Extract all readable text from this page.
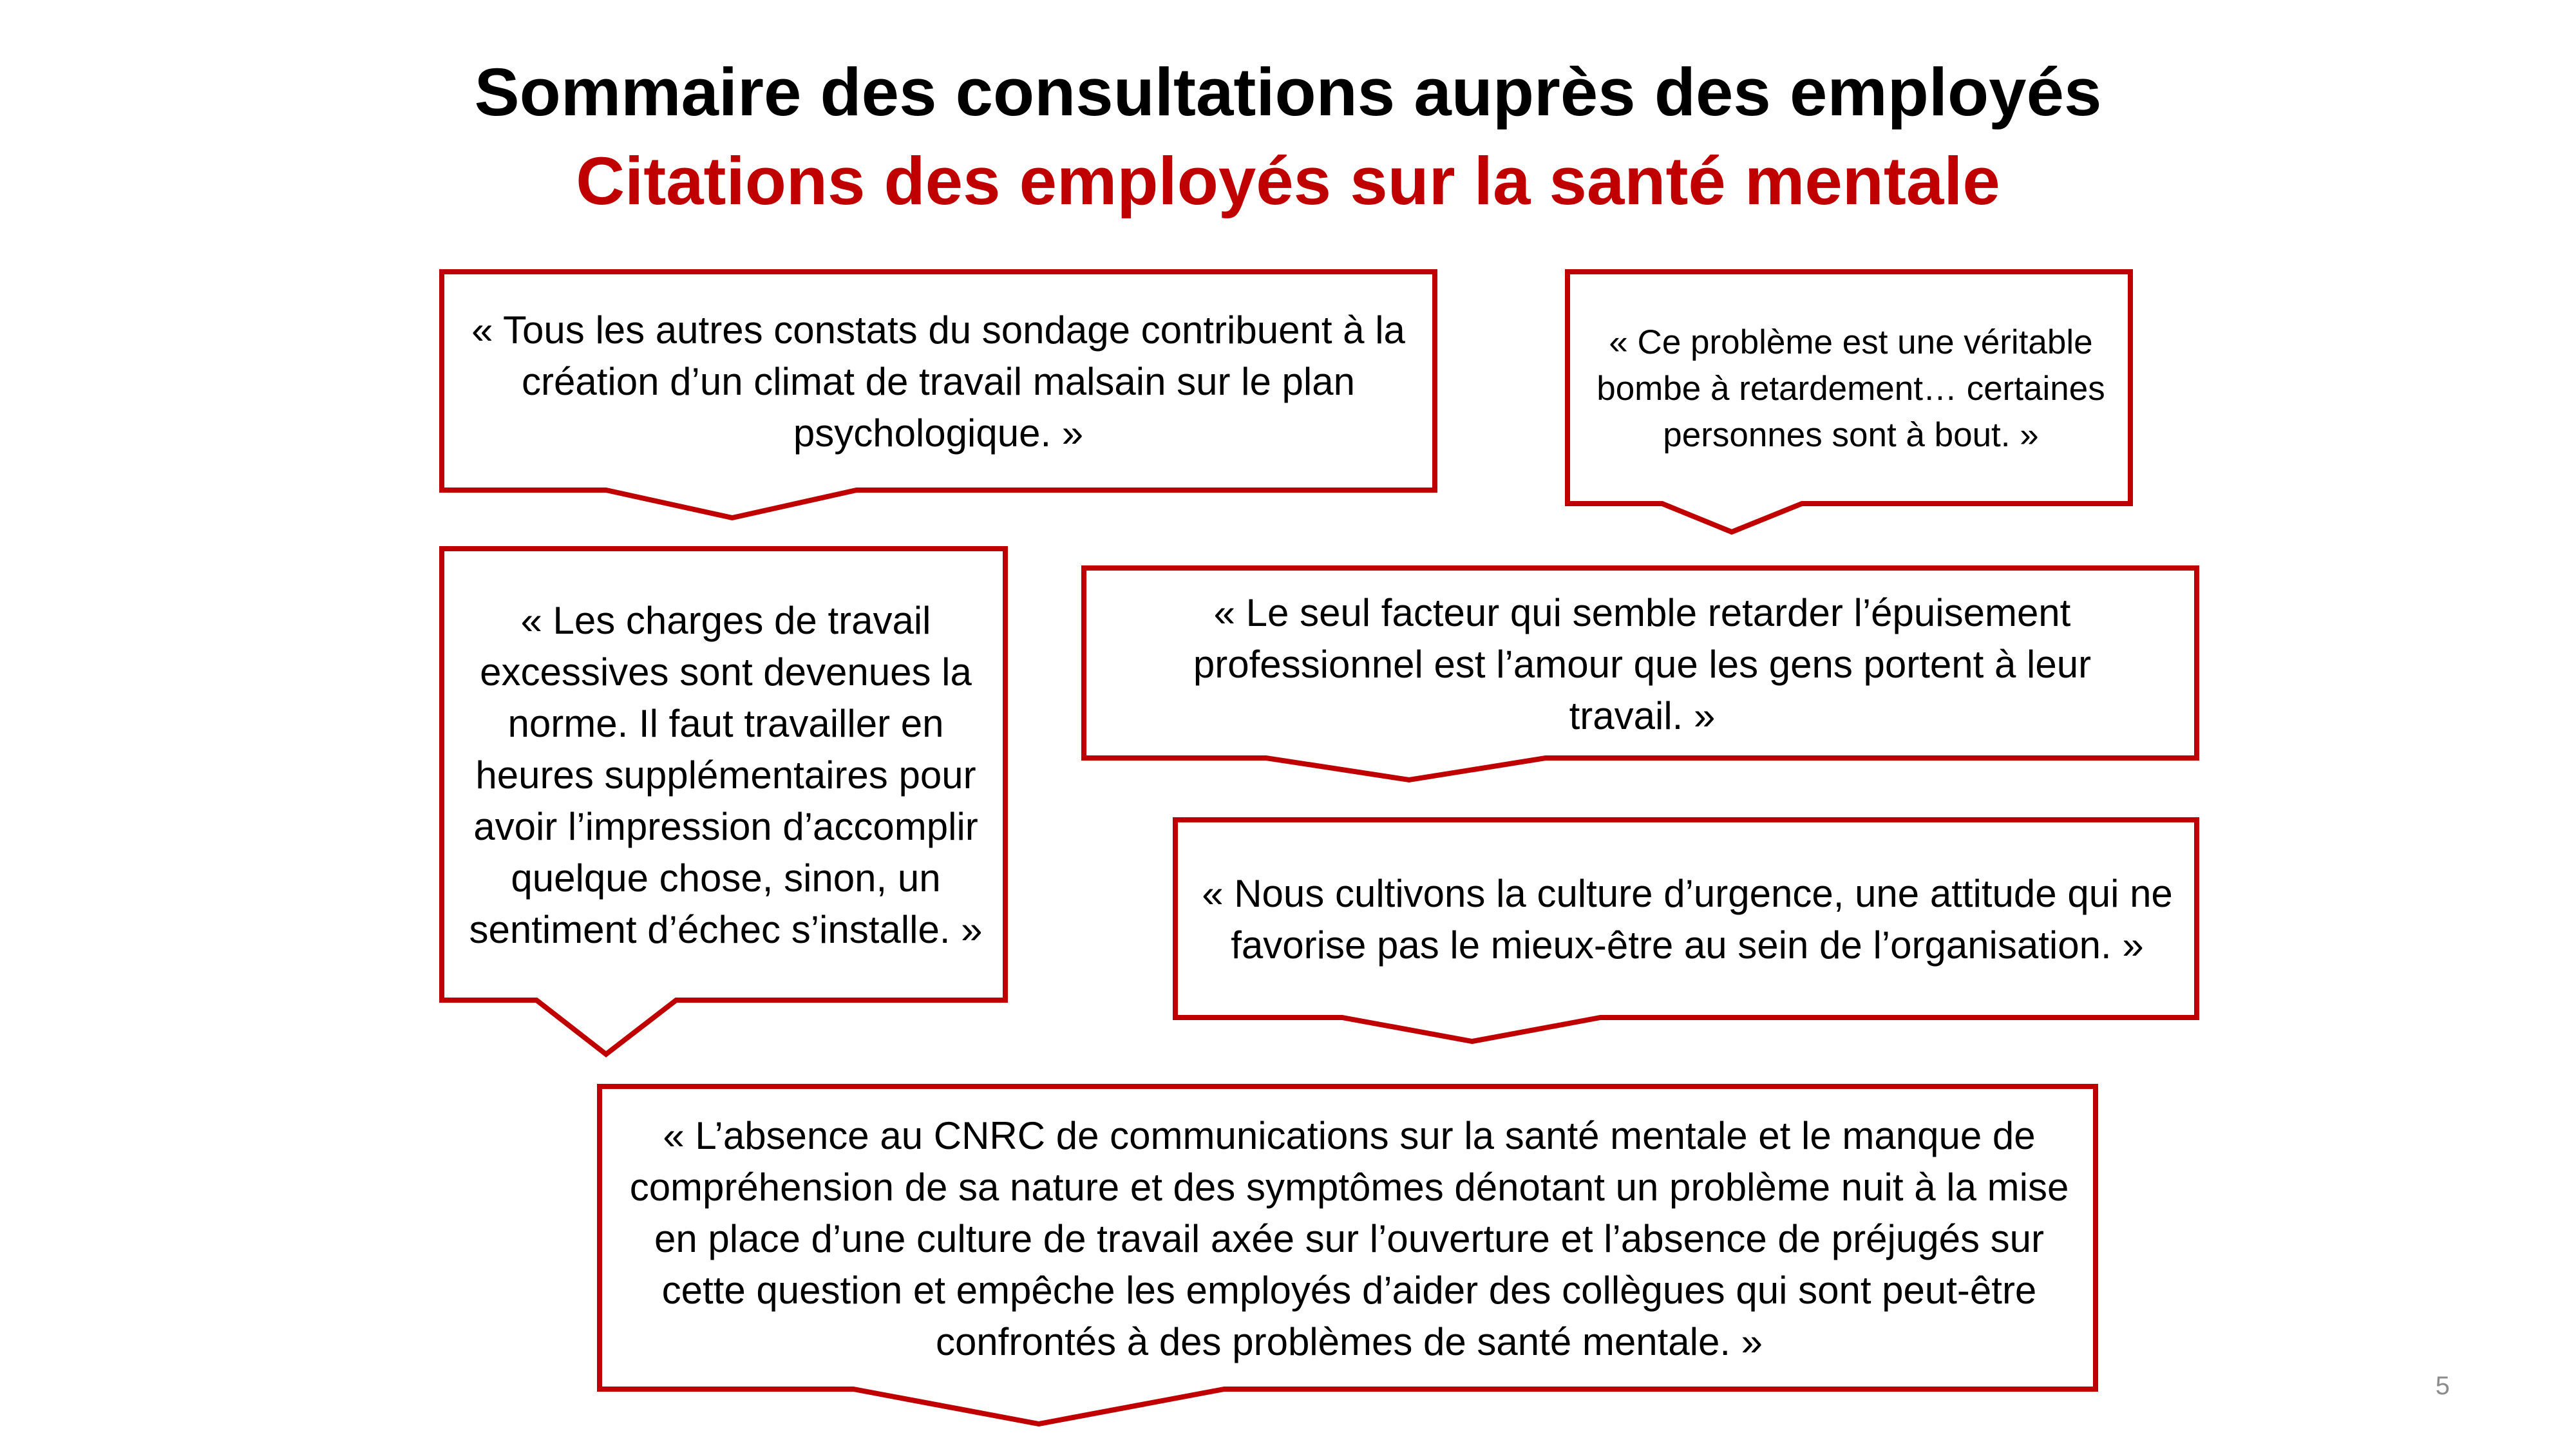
Sommaire des consultations auprès des employés
Citations des employés sur la santé mentale
« Tous les autres constats du sondage contribuent à la création d’un climat de travail malsain sur le plan psychologique. »
« Ce problème est une véritable bombe à retardement… certaines personnes sont à bout. »
« Les charges de travail excessives sont devenues la norme. Il faut travailler en heures supplémentaires pour avoir l’impression d’accomplir quelque chose, sinon, un sentiment d’échec s’installe. »
« Le seul facteur qui semble retarder l’épuisement professionnel est l’amour que les gens portent à leur travail. »
« Nous cultivons la culture d’urgence, une attitude qui ne favorise pas le mieux-être au sein de l’organisation. »
« L’absence au CNRC de communications sur la santé mentale et le manque de compréhension de sa nature et des symptômes dénotant un problème nuit à la mise en place d’une culture de travail axée sur l’ouverture et l’absence de préjugés sur cette question et empêche les employés d’aider des collègues qui sont peut-être confrontés à des problèmes de santé mentale. »
5
